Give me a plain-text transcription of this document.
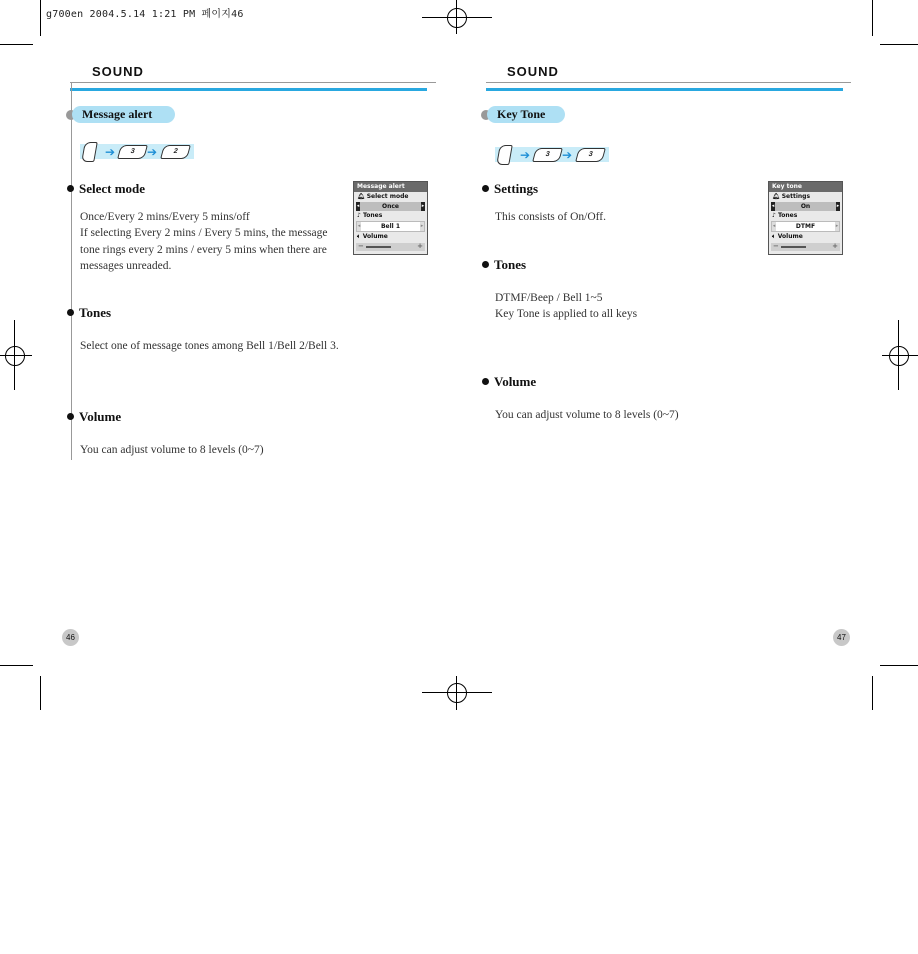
g700en 2004.5.14 1:21 PM 페이지46
SOUND
Message alert
➔	3 ➔	2
Select mode
Once/Every 2 mins/Every 5 mins/off
If selecting Every 2 mins / Every 5 mins, the message
tone rings every 2 mins / every 5 mins when there are
messages unreaded.
Tones
Select one of message tones among Bell 1/Bell 2/Bell 3.
Volume
You can adjust volume to 8 levels (0~7)
Message alert
🔔︎ Select mode
◂	Once	▸
♪ Tones
◂	Bell 1	▸
🔈︎ Volume
−	+
46
SOUND
Key Tone
➔	3 ➔	3
Settings
This consists of On/Off.
Tones
DTMF/Beep / Bell 1~5
Key Tone is applied to all keys
Volume
You can adjust volume to 8 levels (0~7)
Key tone
🔔︎ Settings
◂	On	▸
♪ Tones
◂	DTMF	▸
🔈︎ Volume
−	+
47
